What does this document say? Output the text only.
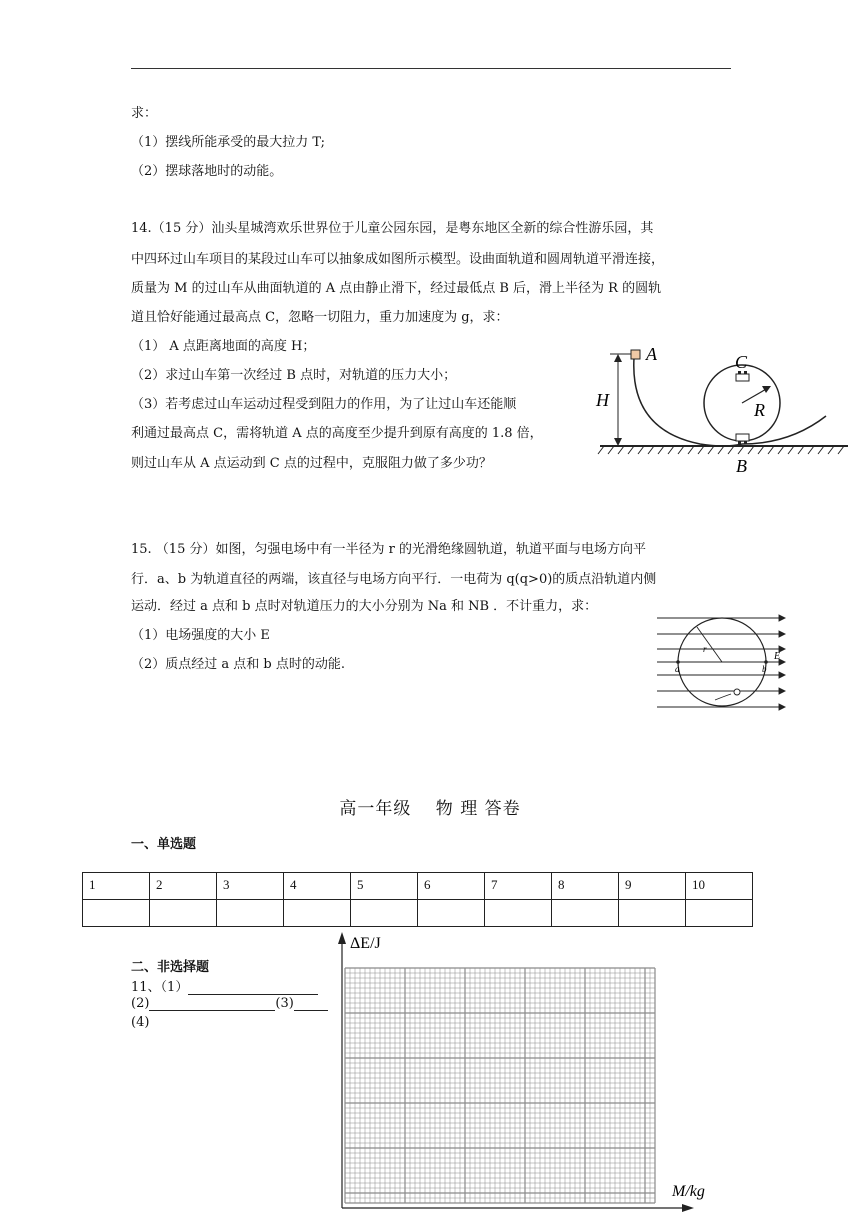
求：
（1）摆线所能承受的最大拉力 T;
（2）摆球落地时的动能。
14.（15 分）汕头星城湾欢乐世界位于儿童公园东园，是粤东地区全新的综合性游乐园，其
中四环过山车项目的某段过山车可以抽象成如图所示模型。设曲面轨道和圆周轨道平滑连接，
质量为 M 的过山车从曲面轨道的 A 点由静止滑下，经过最低点 B 后，滑上半径为 R 的圆轨
道且恰好能通过最高点 C，忽略一切阻力，重力加速度为 g，求：
（1） A 点距离地面的高度 H；
（2）求过山车第一次经过 B 点时，对轨道的压力大小；
（3）若考虑过山车运动过程受到阻力的作用，为了让过山车还能顺
利通过最高点 C，需将轨道 A 点的高度至少提升到原有高度的 1.8 倍，
则过山车从 A 点运动到 C 点的过程中，克服阻力做了多少功？
A	C
H	R
B
15. （15 分）如图，匀强电场中有一半径为 r 的光滑绝缘圆轨道，轨道平面与电场方向平
行．a、b 为轨道直径的两端，该直径与电场方向平行．一电荷为 q(q>0)的质点沿轨道内侧
运动．经过 a 点和 b 点时对轨道压力的大小分别为 Na 和 NB ．不计重力，求：
（1）电场强度的大小 E
（2）质点经过 a 点和 b 点时的动能.
r
E
a	b
高一年级　 物 理 答卷
一、单选题
1	2	3	4	5	6	7	8	9	10

二、非选择题
11、（1）
(2)	(3)
(4)
ΔE/J
M/kg
